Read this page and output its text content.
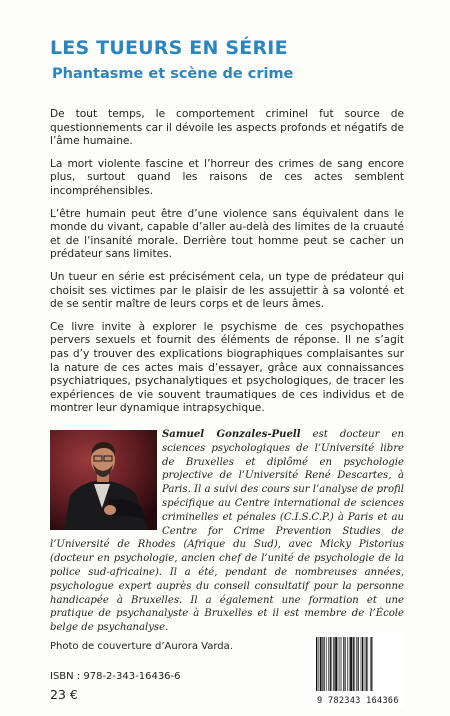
LES TUEURS EN SÉRIE
Phantasme et scène de crime

De tout temps, le comportement criminel fut source de questionnements car il dévoile les aspects profonds et négatifs de l’âme humaine.

La mort violente fascine et l’horreur des crimes de sang encore plus, surtout quand les raisons de ces actes semblent incompréhensibles.

L’être humain peut être d’une violence sans équivalent dans le monde du vivant, capable d’aller au-delà des limites de la cruauté et de l’insanité morale. Derrière tout homme peut se cacher un prédateur sans limites.

Un tueur en série est précisément cela, un type de prédateur qui choisit ses victimes par le plaisir de les assujettir à sa volonté et de se sentir maître de leurs corps et de leurs âmes.

Ce livre invite à explorer le psychisme de ces psychopathes pervers sexuels et fournit des éléments de réponse. Il ne s’agit pas d’y trouver des explications biographiques complaisantes sur la nature de ces actes mais d’essayer, grâce aux connaissances psychiatriques, psychanalytiques et psychologiques, de tracer les expériences de vie souvent traumatiques de ces individus et de montrer leur dynamique intrapsychique.

Samuel Gonzales-Puell est docteur en sciences psychologiques de l’Université libre de Bruxelles et diplômé en psychologie projective de l’Université René Descartes, à Paris. Il a suivi des cours sur l’analyse de profil spécifique au Centre international de sciences criminelles et pénales (C.I.S.C.P.) à Paris et au Centre for Crime Prevention Studies de l’Université de Rhodes (Afrique du Sud), avec Micky Pistorius (docteur en psychologie, ancien chef de l’unité de psychologie de la police sud-africaine). Il a été, pendant de nombreuses années, psychologue expert auprès du conseil consultatif pour la personne handicapée à Bruxelles. Il a également une formation et une pratique de psychanalyste à Bruxelles et il est membre de l’École belge de psychanalyse.

Photo de couverture d’Aurora Varda.

ISBN : 978-2-343-16436-6

23 €	9 782343 164366
